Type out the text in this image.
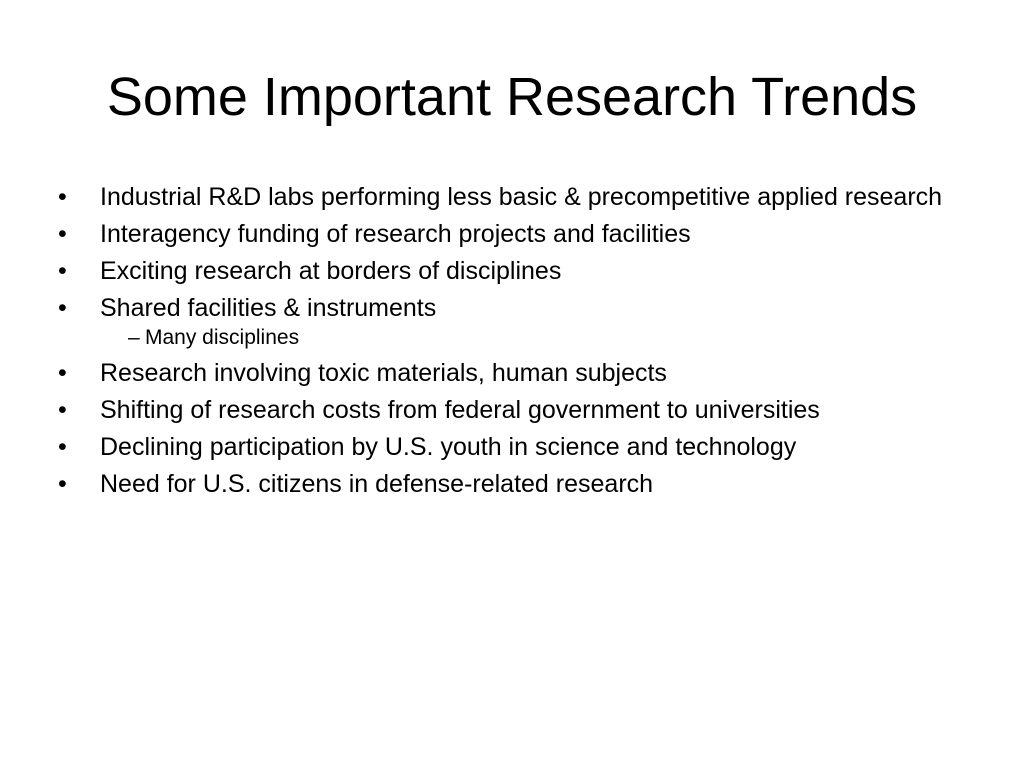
Some Important Research Trends
• Industrial R&D labs performing less basic & precompetitive applied research
• Interagency funding of research projects and facilities
• Exciting research at borders of disciplines
• Shared facilities & instruments
– Many disciplines
• Research involving toxic materials, human subjects
• Shifting of research costs from federal government to universities
• Declining participation by U.S. youth in science and technology
• Need for U.S. citizens in defense-related research
